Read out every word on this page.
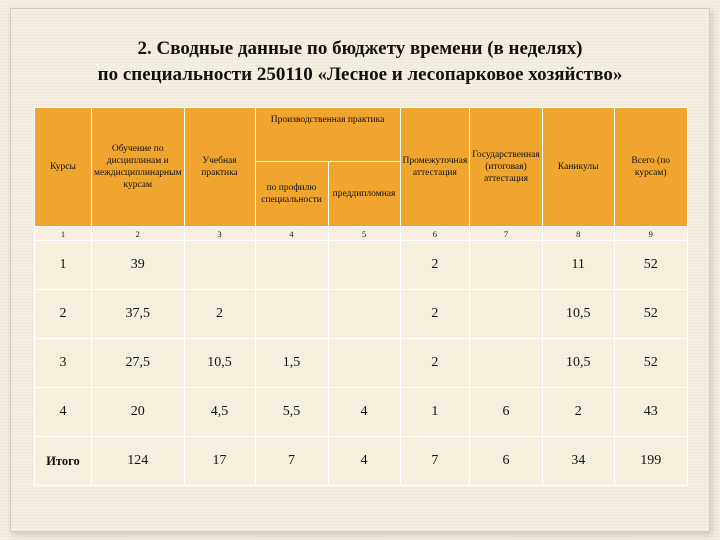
2. Сводные данные по бюджету времени (в неделях)
по специальности 250110 «Лесное и лесопарковое хозяйство»
Курсы	Обучение по дисциплинам и междисциплинарным курсам	Учебная практика	Производственная практика		Промежуточная аттестация	Государственная (итоговая) аттестация	Каникулы	Всего (по курсам)
			по профилю специальности	преддипломная				
1	2	3	4	5	6	7	8	9
1	39				2		11	52
2	37,5	2			2		10,5	52
3	27,5	10,5	1,5		2		10,5	52
4	20	4,5	5,5	4	1	6	2	43
Итого	124	17	7	4	7	6	34	199
